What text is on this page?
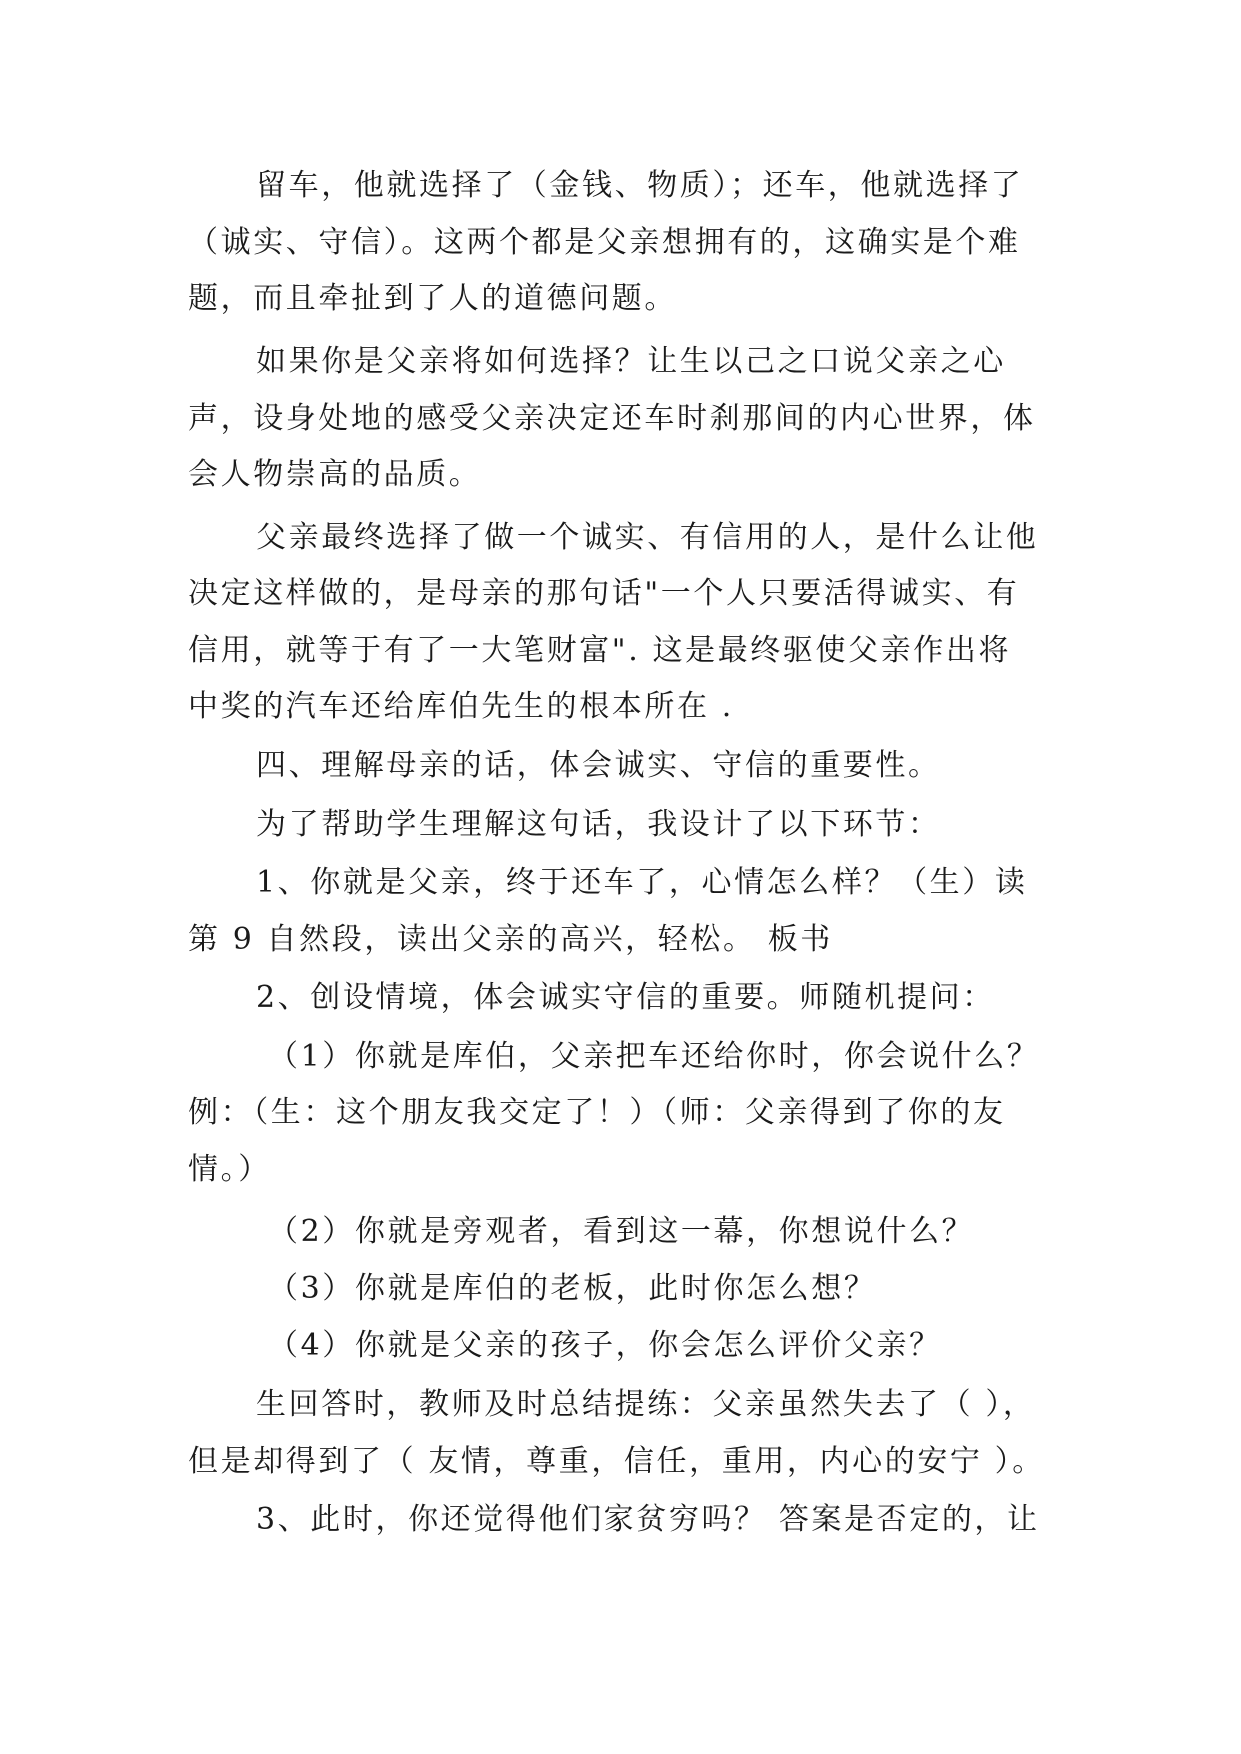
留车，他就选择了（金钱、物质）；还车，他就选择了
（诚实、守信）。这两个都是父亲想拥有的，这确实是个难
题，而且牵扯到了人的道德问题。
如果你是父亲将如何选择？让生以己之口说父亲之心
声，设身处地的感受父亲决定还车时刹那间的内心世界，体
会人物崇高的品质。
父亲最终选择了做一个诚实、有信用的人，是什么让他
决定这样做的，是母亲的那句话"一个人只要活得诚实、有
信用，就等于有了一大笔财富". 这是最终驱使父亲作出将
中奖的汽车还给库伯先生的根本所在 .
四、理解母亲的话，体会诚实、守信的重要性。
为了帮助学生理解这句话，我设计了以下环节：
1、你就是父亲，终于还车了，心情怎么样？（生）读
第 9 自然段，读出父亲的高兴，轻松。 板书
2、创设情境，体会诚实守信的重要。师随机提问：
（1）你就是库伯，父亲把车还给你时，你会说什么？
例：（生：这个朋友我交定了！）（师：父亲得到了你的友
情。）
（2）你就是旁观者，看到这一幕，你想说什么？
（3）你就是库伯的老板，此时你怎么想？
（4）你就是父亲的孩子，你会怎么评价父亲？
生回答时，教师及时总结提练：父亲虽然失去了（ ），
但是却得到了（ 友情，尊重，信任，重用，内心的安宁 ）。
3、此时，你还觉得他们家贫穷吗？ 答案是否定的，让
